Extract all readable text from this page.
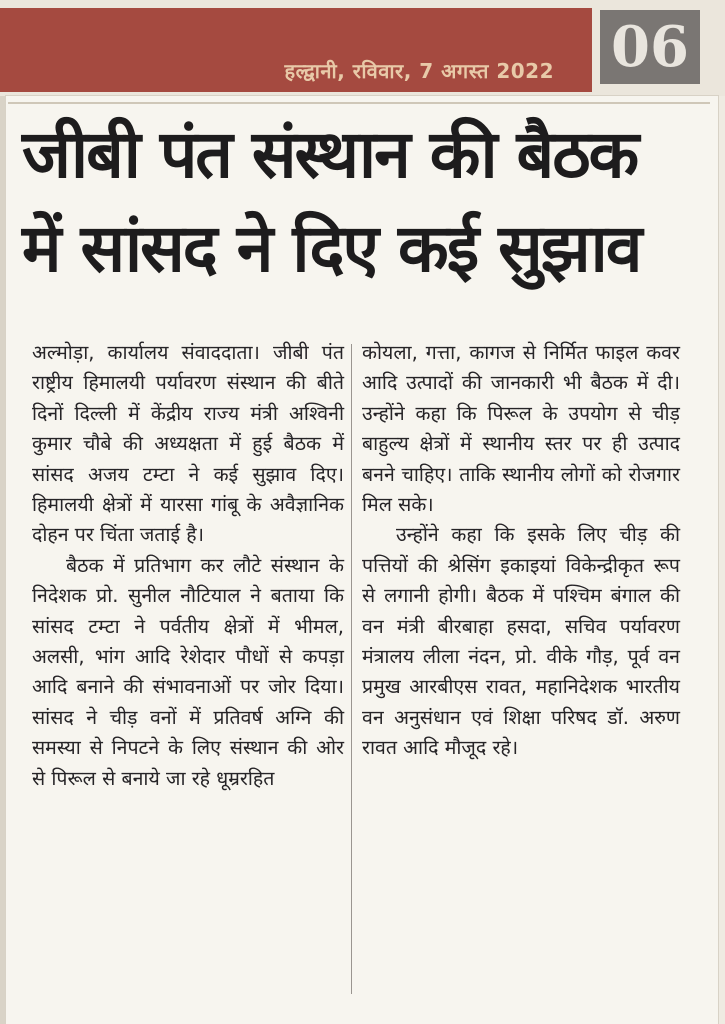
हल्द्वानी, रविवार, 7 अगस्त 2022 06
जीबी पंत संस्थान की बैठक
में सांसद ने दिए कई सुझाव

अल्मोड़ा, कार्यालय संवाददाता। जीबी पंत राष्ट्रीय हिमालयी पर्यावरण संस्थान की बीते दिनों दिल्ली में केंद्रीय राज्य मंत्री अश्विनी कुमार चौबे की अध्यक्षता में हुई बैठक में सांसद अजय टम्टा ने कई सुझाव दिए। हिमालयी क्षेत्रों में यारसा गांबू के अवैज्ञानिक दोहन पर चिंता जताई है।

बैठक में प्रतिभाग कर लौटे संस्थान के निदेशक प्रो. सुनील नौटियाल ने बताया कि सांसद टम्टा ने पर्वतीय क्षेत्रों में भीमल, अलसी, भांग आदि रेशेदार पौधों से कपड़ा आदि बनाने की संभावनाओं पर जोर दिया। सांसद ने चीड़ वनों में प्रतिवर्ष अग्नि की समस्या से निपटने के लिए संस्थान की ओर से पिरूल से बनाये जा रहे धूम्ररहित

कोयला, गत्ता, कागज से निर्मित फाइल कवर आदि उत्पादों की जानकारी भी बैठक में दी। उन्होंने कहा कि पिरूल के उपयोग से चीड़ बाहुल्य क्षेत्रों में स्थानीय स्तर पर ही उत्पाद बनने चाहिए। ताकि स्थानीय लोगों को रोजगार मिल सके।

उन्होंने कहा कि इसके लिए चीड़ की पत्तियों की श्रेसिंग इकाइयां विकेन्द्रीकृत रूप से लगानी होगी। बैठक में पश्चिम बंगाल की वन मंत्री बीरबाहा हसदा, सचिव पर्यावरण मंत्रालय लीला नंदन, प्रो. वीके गौड़, पूर्व वन प्रमुख आरबीएस रावत, महानिदेशक भारतीय वन अनुसंधान एवं शिक्षा परिषद डॉ. अरुण रावत आदि मौजूद रहे।
